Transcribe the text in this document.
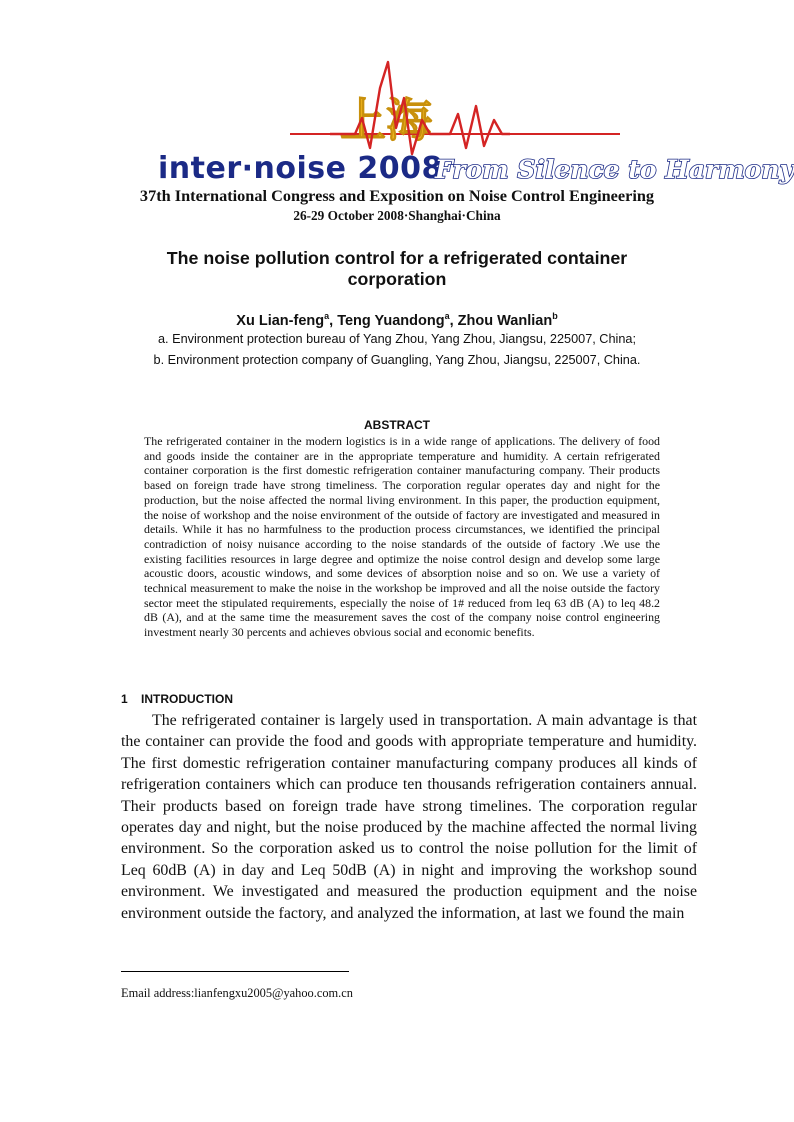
上海
inter·noise 2008
From Silence to Harmony
37th International Congress and Exposition on Noise Control Engineering
26-29 October 2008·Shanghai·China
The noise pollution control for a refrigerated container
corporation
Xu Lian-feng$^a$, Teng Yuandong$^a$, Zhou Wanlian$^b$
a. Environment protection bureau of Yang Zhou, Yang Zhou, Jiangsu, 225007, China;
b. Environment protection company of Guangling, Yang Zhou, Jiangsu, 225007, China.
ABSTRACT
The refrigerated container in the modern logistics is in a wide range of applications. The delivery of food and goods inside the container are in the appropriate temperature and humidity. A certain refrigerated container corporation is the first domestic refrigeration container manufacturing company. Their products based on foreign trade have strong timeliness. The corporation regular operates day and night for the production, but the noise affected the normal living environment. In this paper, the production equipment, the noise of workshop and the noise environment of the outside of factory are investigated and measured in details. While it has no harmfulness to the production process circumstances, we identified the principal contradiction of noisy nuisance according to the noise standards of the outside of factory .We use the existing facilities resources in large degree and optimize the noise control design and develop some large acoustic doors, acoustic windows, and some devices of absorption noise and so on. We use a variety of technical measurement to make the noise in the workshop be improved and all the noise outside the factory sector meet the stipulated requirements, especially the noise of 1# reduced from leq 63 dB (A) to leq 48.2 dB (A), and at the same time the measurement saves the cost of the company noise control engineering investment nearly 30 percents and achieves obvious social and economic benefits.
1 INTRODUCTION
The refrigerated container is largely used in transportation. A main advantage is that the container can provide the food and goods with appropriate temperature and humidity. The first domestic refrigeration container manufacturing company produces all kinds of refrigeration containers which can produce ten thousands refrigeration containers annual. Their products based on foreign trade have strong timelines. The corporation regular operates day and night, but the noise produced by the machine affected the normal living environment. So the corporation asked us to control the noise pollution for the limit of Leq 60dB (A) in day and Leq 50dB (A) in night and improving the workshop sound environment. We investigated and measured the production equipment and the noise environment outside the factory, and analyzed the information, at last we found the main
Email address:lianfengxu2005@yahoo.com.cn
